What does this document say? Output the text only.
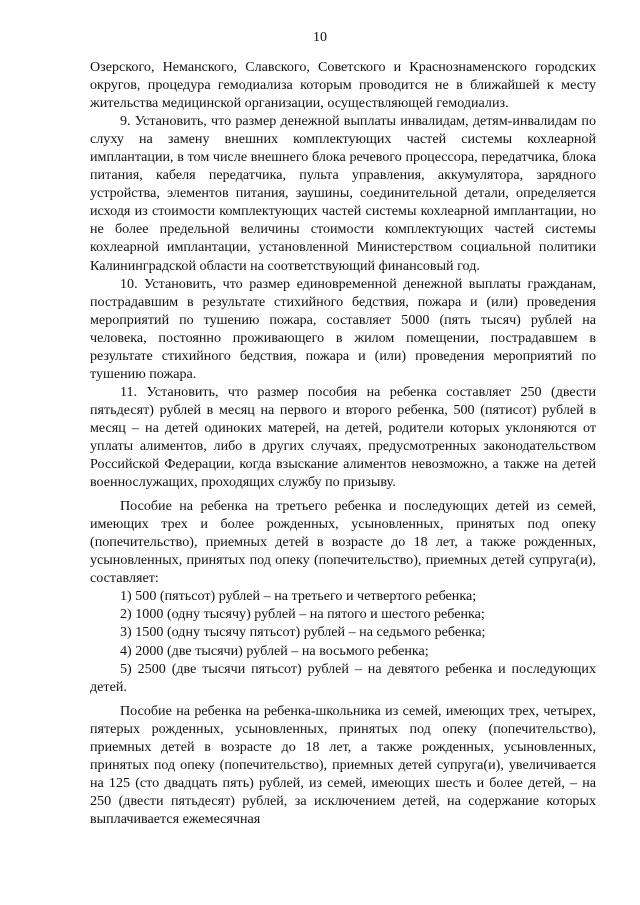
10

Озерского, Неманского, Славского, Советского и Краснознаменского городских округов, процедура гемодиализа которым проводится не в ближайшей к месту жительства медицинской организации, осуществляющей гемодиализ.

9. Установить, что размер денежной выплаты инвалидам, детям-инвалидам по слуху на замену внешних комплектующих частей системы кохлеарной имплантации, в том числе внешнего блока речевого процессора, передатчика, блока питания, кабеля передатчика, пульта управления, аккумулятора, зарядного устройства, элементов питания, заушины, соединительной детали, определяется исходя из стоимости комплектующих частей системы кохлеарной имплантации, но не более предельной величины стоимости комплектующих частей системы кохлеарной имплантации, установленной Министерством социальной политики Калининградской области на соответствующий финансовый год.

10. Установить, что размер единовременной денежной выплаты гражданам, пострадавшим в результате стихийного бедствия, пожара и (или) проведения мероприятий по тушению пожара, составляет 5000 (пять тысяч) рублей на человека, постоянно проживающего в жилом помещении, пострадавшем в результате стихийного бедствия, пожара и (или) проведения мероприятий по тушению пожара.

11. Установить, что размер пособия на ребенка составляет 250 (двести пятьдесят) рублей в месяц на первого и второго ребенка, 500 (пятисот) рублей в месяц – на детей одиноких матерей, на детей, родители которых уклоняются от уплаты алиментов, либо в других случаях, предусмотренных законодательством Российской Федерации, когда взыскание алиментов невозможно, а также на детей военнослужащих, проходящих службу по призыву.

Пособие на ребенка на третьего ребенка и последующих детей из семей, имеющих трех и более рожденных, усыновленных, принятых под опеку (попечительство), приемных детей в возрасте до 18 лет, а также рожденных, усыновленных, принятых под опеку (попечительство), приемных детей супруга(и), составляет:

1) 500 (пятьсот) рублей – на третьего и четвертого ребенка;

2) 1000 (одну тысячу) рублей – на пятого и шестого ребенка;

3) 1500 (одну тысячу пятьсот) рублей – на седьмого ребенка;

4) 2000 (две тысячи) рублей – на восьмого ребенка;

5) 2500 (две тысячи пятьсот) рублей – на девятого ребенка и последующих детей.

Пособие на ребенка на ребенка-школьника из семей, имеющих трех, четырех, пятерых рожденных, усыновленных, принятых под опеку (попечительство), приемных детей в возрасте до 18 лет, а также рожденных, усыновленных, принятых под опеку (попечительство), приемных детей супруга(и), увеличивается на 125 (сто двадцать пять) рублей, из семей, имеющих шесть и более детей, – на 250 (двести пятьдесят) рублей, за исключением детей, на содержание которых выплачивается ежемесячная
